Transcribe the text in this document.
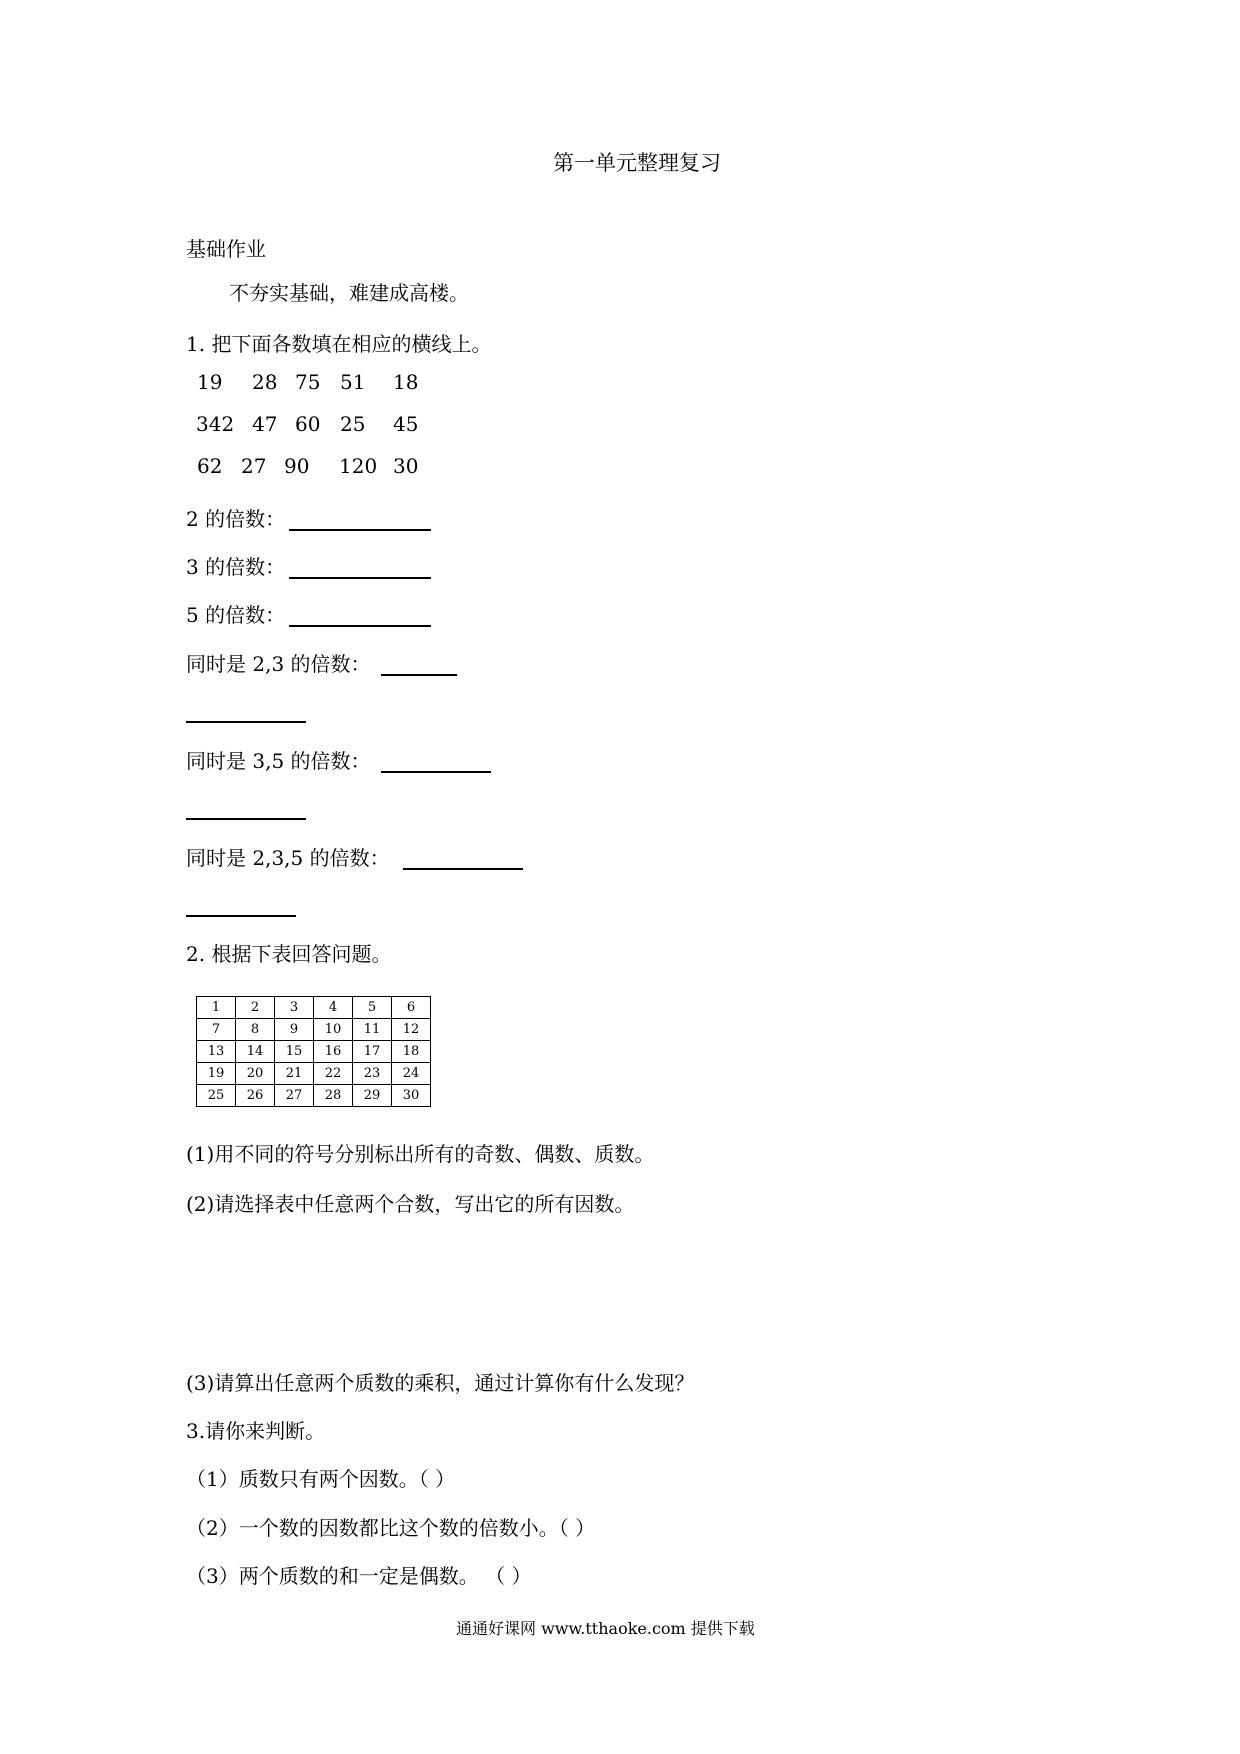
第一单元整理复习
基础作业
不夯实基础，难建成高楼。
1. 把下面各数填在相应的横线上。
19 28 75 51 18
342 47 60 25 45
62 27 90 120 30
2 的倍数：
3 的倍数：
5 的倍数：
同时是 2,3 的倍数：
同时是 3,5 的倍数：
同时是 2,3,5 的倍数：
2. 根据下表回答问题。
1	2	3	4	5	6
7	8	9	10	11	12
13	14	15	16	17	18
19	20	21	22	23	24
25	26	27	28	29	30
(1)用不同的符号分别标出所有的奇数、偶数、质数。
(2)请选择表中任意两个合数，写出它的所有因数。
(3)请算出任意两个质数的乘积，通过计算你有什么发现？
3.请你来判断。
（1）质数只有两个因数。（ ）
（2）一个数的因数都比这个数的倍数小。（ ）
（3）两个质数的和一定是偶数。 （ ）
通通好课网 www.tthaoke.com 提供下载
